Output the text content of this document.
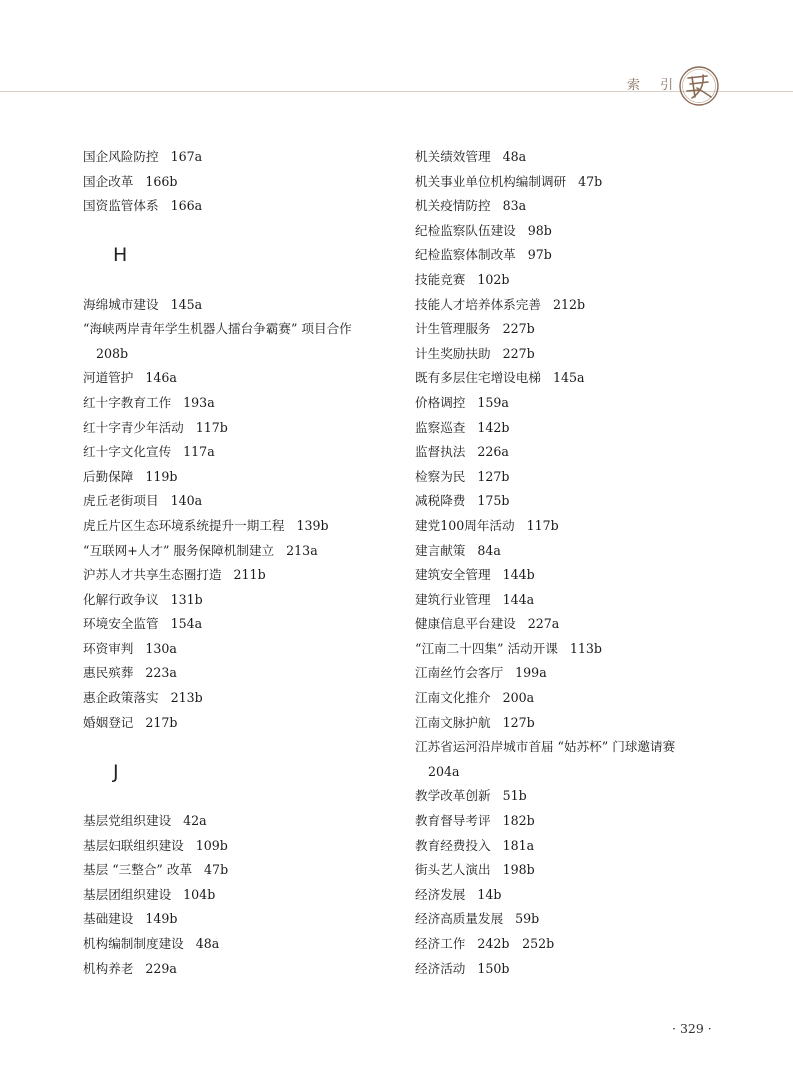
索 引
国企风险防控 167a
国企改革 166b
国资监管体系 166a
H
海绵城市建设 145a
“海峡两岸青年学生机器人擂台争霸赛” 项目合作
208b
河道管护 146a
红十字教育工作 193a
红十字青少年活动 117b
红十字文化宣传 117a
后勤保障 119b
虎丘老街项目 140a
虎丘片区生态环境系统提升一期工程 139b
“互联网+人才” 服务保障机制建立 213a
沪苏人才共享生态圈打造 211b
化解行政争议 131b
环境安全监管 154a
环资审判 130a
惠民殡葬 223a
惠企政策落实 213b
婚姻登记 217b
J
基层党组织建设 42a
基层妇联组织建设 109b
基层 “三整合” 改革 47b
基层团组织建设 104b
基础建设 149b
机构编制制度建设 48a
机构养老 229a
机关绩效管理 48a
机关事业单位机构编制调研 47b
机关疫情防控 83a
纪检监察队伍建设 98b
纪检监察体制改革 97b
技能竞赛 102b
技能人才培养体系完善 212b
计生管理服务 227b
计生奖励扶助 227b
既有多层住宅增设电梯 145a
价格调控 159a
监察巡查 142b
监督执法 226a
检察为民 127b
减税降费 175b
建党100周年活动 117b
建言献策 84a
建筑安全管理 144b
建筑行业管理 144a
健康信息平台建设 227a
“江南二十四集” 活动开课 113b
江南丝竹会客厅 199a
江南文化推介 200a
江南文脉护航 127b
江苏省运河沿岸城市首届 “姑苏杯” 门球邀请赛
204a
教学改革创新 51b
教育督导考评 182b
教育经费投入 181a
街头艺人演出 198b
经济发展 14b
经济高质量发展 59b
经济工作 242b　252b
经济活动 150b
· 329 ·
